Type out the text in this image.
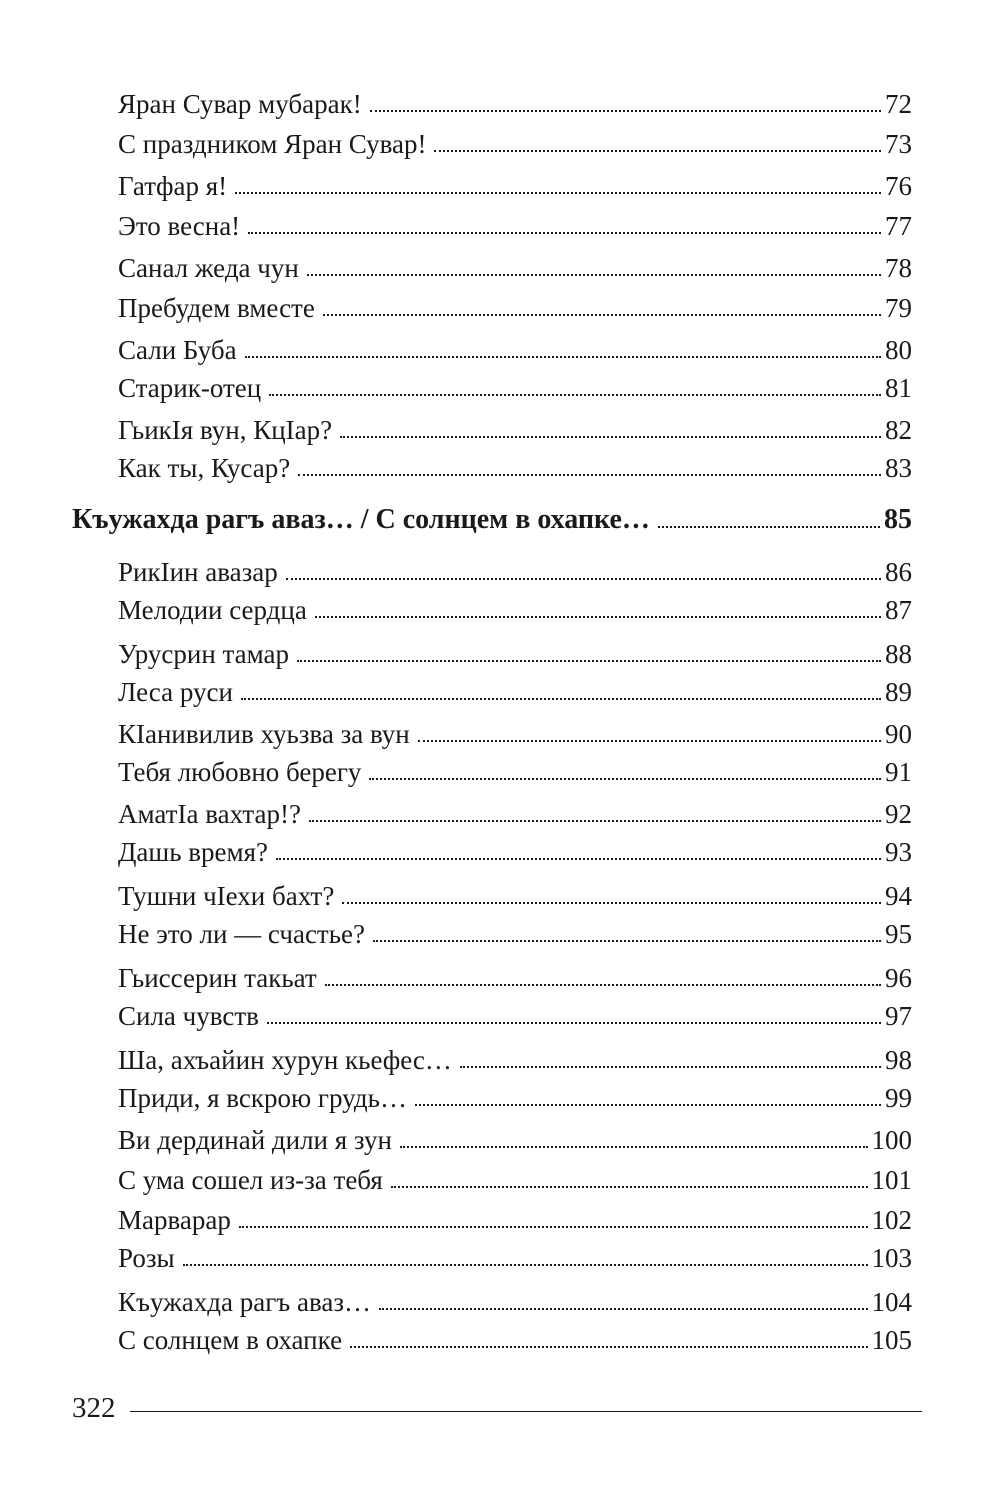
Яран Сувар мубарак!	72
С праздником Яран Сувар!	73
Гатфар я!	76
Это весна!	77
Санал жеда чун	78
Пребудем вместе	79
Сали Буба	80
Старик-отец	81
ГьикIя вун, КцIар?	82
Как ты, Кусар?	83
Къужахда рагъ аваз… / С солнцем в охапке…	85
РикIин авазар	86
Мелодии сердца	87
Урусрин тамар	88
Леса руси	89
КIанивилив хуьзва за вун	90
Тебя любовно берегу	91
АматIа вахтар!?	92
Дашь время?	93
Тушни чIехи бахт?	94
Не это ли — счастье?	95
Гьиссерин такьат	96
Сила чувств	97
Ша, ахъайин хурун кьефес…	98
Приди, я вскрою грудь…	99
Ви дердинай дили я зун	100
С ума сошел из-за тебя	101
Марварар	102
Розы	103
Къужахда рагъ аваз…	104
С солнцем в охапке	105
322
